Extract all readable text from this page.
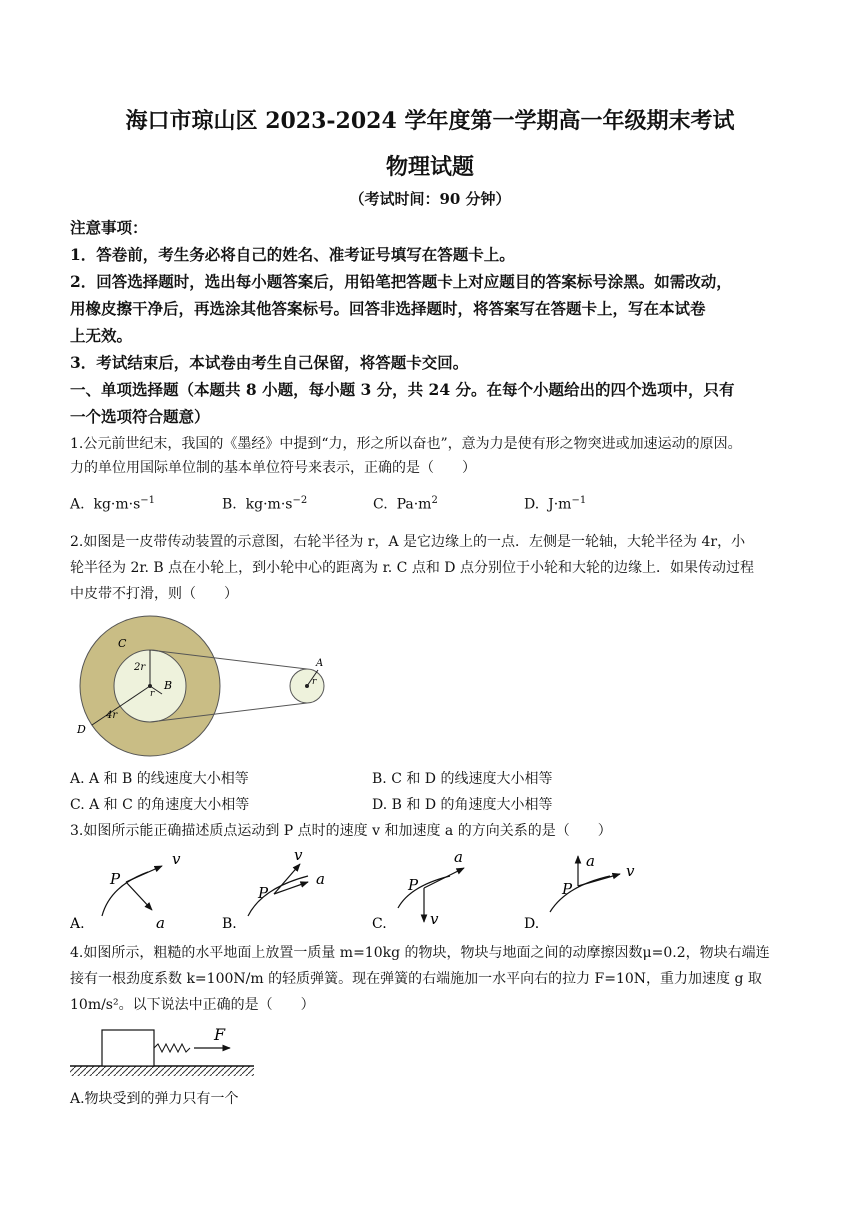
海口市琼山区 2023-2024 学年度第一学期高一年级期末考试
物理试题
（考试时间：90 分钟）
注意事项：
1．答卷前，考生务必将自己的姓名、准考证号填写在答题卡上。
2．回答选择题时，选出每小题答案后，用铅笔把答题卡上对应题目的答案标号涂黑。如需改动，
用橡皮擦干净后，再选涂其他答案标号。回答非选择题时，将答案写在答题卡上，写在本试卷
上无效。
3．考试结束后，本试卷由考生自己保留，将答题卡交回。
一、单项选择题（本题共 8 小题，每小题 3 分，共 24 分。在每个小题给出的四个选项中，只有
一个选项符合题意）
1.公元前世纪末，我国的《墨经》中提到“力，形之所以奋也”，意为力是使有形之物突进或加速运动的原因。
力的单位用国际单位制的基本单位符号来表示，正确的是（　　）
A. $kg\cdot m\cdot s^{-1}$	B. $kg\cdot m\cdot s^{-2}$	C. $Pa\cdot m^2$	D. $J\cdot m^{-1}$
2.如图是一皮带传动装置的示意图，右轮半径为 r，A 是它边缘上的一点．左侧是一轮轴，大轮半径为 4r，小
轮半径为 2r. B 点在小轮上，到小轮中心的距离为 r. C 点和 D 点分别位于小轮和大轮的边缘上．如果传动过程
中皮带不打滑，则（　　）
C
2r
B
r
4r
D
A
r
A. A 和 B 的线速度大小相等	B. C 和 D 的线速度大小相等
C. A 和 C 的角速度大小相等	D. B 和 D 的角速度大小相等
3.如图所示能正确描述质点运动到 P 点时的速度 v 和加速度 a 的方向关系的是（　　）
P
v
a
A.
P
v
a
B.
P
a
v
C.
P
a
v
D.
4.如图所示，粗糙的水平地面上放置一质量 m=10kg 的物块，物块与地面之间的动摩擦因数μ=0.2，物块右端连
接有一根劲度系数 k=100N/m 的轻质弹簧。现在弹簧的右端施加一水平向右的拉力 F=10N，重力加速度 g 取
10m/s²。以下说法中正确的是（　　）
F
A.物块受到的弹力只有一个
